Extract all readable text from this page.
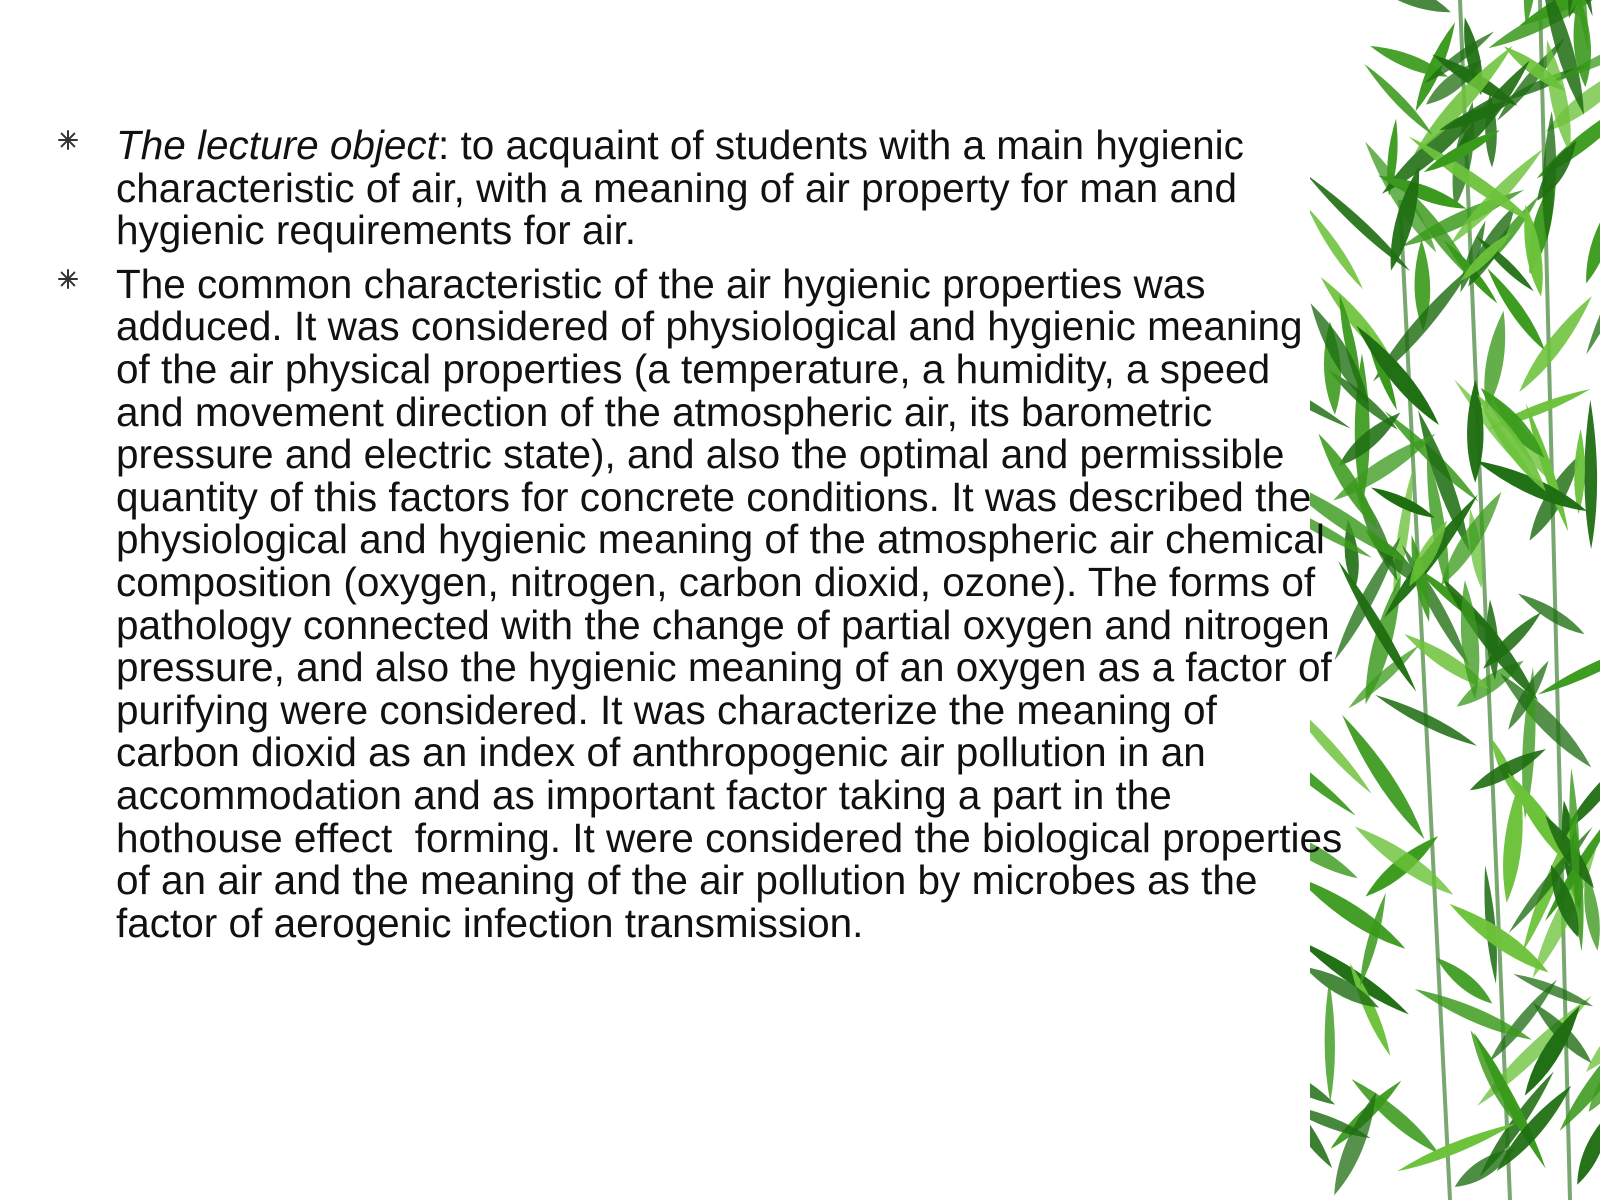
The lecture object: to acquaint of students with a main hygienic characteristic of air, with a meaning of air property for man and hygienic requirements for air.
The common characteristic of the air hygienic properties was adduced. It was considered of physiological and hygienic meaning of the air physical properties (a temperature, a humidity, a speed and movement direction of the atmospheric air, its barometric pressure and electric state), and also the optimal and permissible quantity of this factors for concrete conditions. It was described the  physiological and hygienic meaning of the atmospheric air chemical composition (oxygen, nitrogen, carbon dioxid, ozone). The forms of pathology connected with the change of partial oxygen and nitrogen pressure, and also the hygienic meaning of an oxygen as a factor of purifying were considered. It was characterize the meaning of carbon dioxid as an index of anthropogenic air pollution in an accommodation and as important factor taking a part in the hothouse effect  forming. It were considered the biological properties of an air and the meaning of the air pollution by microbes as the factor of aerogenic infection transmission.
